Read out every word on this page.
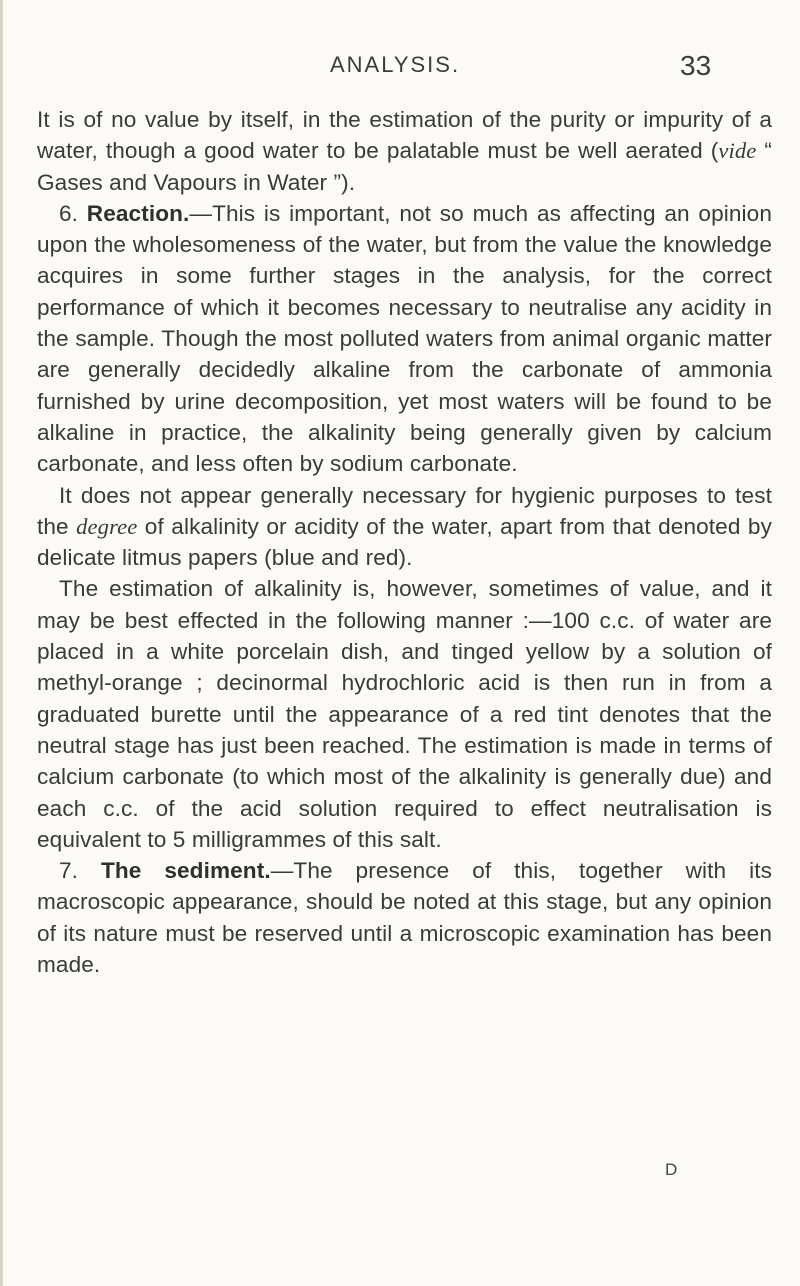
ANALYSIS.	33

It is of no value by itself, in the estimation of the purity or impurity of a water, though a good water to be palatable must be well aerated (vide “ Gases and Vapours in Water ”).

6. Reaction.—This is important, not so much as affecting an opinion upon the wholesomeness of the water, but from the value the knowledge acquires in some further stages in the analysis, for the correct performance of which it becomes necessary to neutralise any acidity in the sample. Though the most polluted waters from animal organic matter are generally decidedly alkaline from the carbonate of ammonia furnished by urine decomposition, yet most waters will be found to be alkaline in practice, the alkalinity being generally given by calcium carbonate, and less often by sodium carbonate.

It does not appear generally necessary for hygienic purposes to test the degree of alkalinity or acidity of the water, apart from that denoted by delicate litmus papers (blue and red).

The estimation of alkalinity is, however, sometimes of value, and it may be best effected in the following manner :—100 c.c. of water are placed in a white porcelain dish, and tinged yellow by a solution of methyl-orange ; decinormal hydrochloric acid is then run in from a graduated burette until the appearance of a red tint denotes that the neutral stage has just been reached. The estimation is made in terms of calcium carbonate (to which most of the alkalinity is generally due) and each c.c. of the acid solution required to effect neutralisation is equivalent to 5 milligrammes of this salt.

7. The sediment.—The presence of this, together with its macroscopic appearance, should be noted at this stage, but any opinion of its nature must be reserved until a microscopic examination has been made.

D
